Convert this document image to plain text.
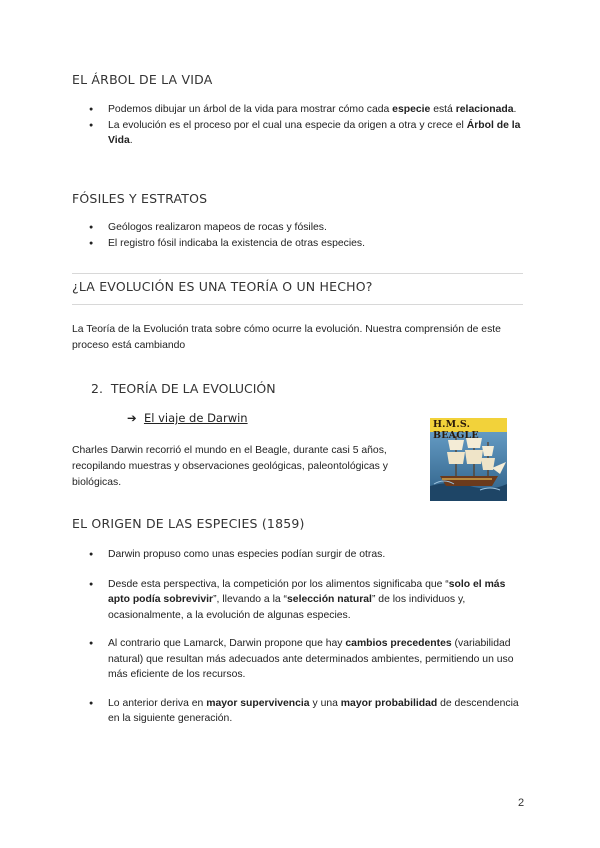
EL ÁRBOL DE LA VIDA
● Podemos dibujar un árbol de la vida para mostrar cómo cada especie está relacionada.
● La evolución es el proceso por el cual una especie da origen a otra y crece el Árbol de la Vida.
FÓSILES Y ESTRATOS
● Geólogos realizaron mapeos de rocas y fósiles.
● El registro fósil indicaba la existencia de otras especies.
¿LA EVOLUCIÓN ES UNA TEORÍA O UN HECHO?

La Teoría de la Evolución trata sobre cómo ocurre la evolución. Nuestra comprensión de este proceso está cambiando

2. TEORÍA DE LA EVOLUCIÓN
➔ El viaje de Darwin

Charles Darwin recorrió el mundo en el Beagle, durante casi 5 años, recopilando muestras y observaciones geológicas, paleontológicas y biológicas.

H.M.S. BEAGLE
EL ORIGEN DE LAS ESPECIES (1859)
● Darwin propuso como unas especies podían surgir de otras.
● Desde esta perspectiva, la competición por los alimentos significaba que “solo el más apto podía sobrevivir”, llevando a la “selección natural” de los individuos y, ocasionalmente, a la evolución de algunas especies.
● Al contrario que Lamarck, Darwin propone que hay cambios precedentes (variabilidad natural) que resultan más adecuados ante determinados ambientes, permitiendo un uso más eficiente de los recursos.
● Lo anterior deriva en mayor supervivencia y una mayor probabilidad de descendencia en la siguiente generación.
2
